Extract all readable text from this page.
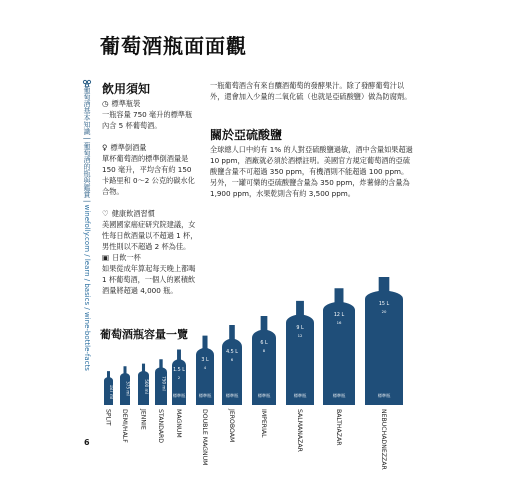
葡萄酒瓶面面觀
葡萄酒基本知識 | 葡萄酒的瓶與鑑賞 | winefolly.com / learn / basics / wine-bottle-facts
飲用須知
◷ 標準瓶裝
一瓶容量 750 毫升的標準瓶內含 5 杯葡萄酒。
♀ 標準倒酒量
單杯葡萄酒的標準倒酒量是 150 毫升，平均含有約 150 卡路里和 0～2 公克的碳水化合物。
♡ 健康飲酒習慣
美國國家癌症研究院建議，女性每日飲酒量以不超過 1 杯，男性則以不超過 2 杯為佳。
▣ 日飲一杯
如果從成年算起每天晚上都喝 1 杯葡萄酒，一個人的累積飲酒量將超過 4,000 瓶。
一瓶葡萄酒含有來自釀酒葡萄的發酵果汁。除了發酵葡萄汁以外，還會加入少量的二氧化硫（也就是亞硫酸鹽）做為防腐劑。
關於亞硫酸鹽
全球總人口中約有 1% 的人對亞硫酸鹽過敏，酒中含量如果超過 10 ppm，酒廠就必須於酒標註明。美國官方規定葡萄酒的亞硫酸鹽含量不可超過 350 ppm，有機酒則不能超過 100 ppm。另外，一罐可樂的亞硫酸鹽含量為 350 ppm，炸薯條的含量為 1,900 ppm，水果乾則含有約 3,500 ppm。
葡萄酒瓶容量一覽
187 ml
SPLIT
375 ml
DEMI/HALF
500 ml
JENNIE
750 ml
STANDARD
1.5 L
2
標準瓶
MAGNUM
3 L
4
標準瓶
DOUBLE MAGNUM
4.5 L
6
標準瓶
JEROBOAM
6 L
8
標準瓶
IMPERIAL
9 L
12
標準瓶
SALMANAZAR
12 L
16
標準瓶
BALTHAZAR
15 L
20
標準瓶
NEBUCHADNEZZAR
6
